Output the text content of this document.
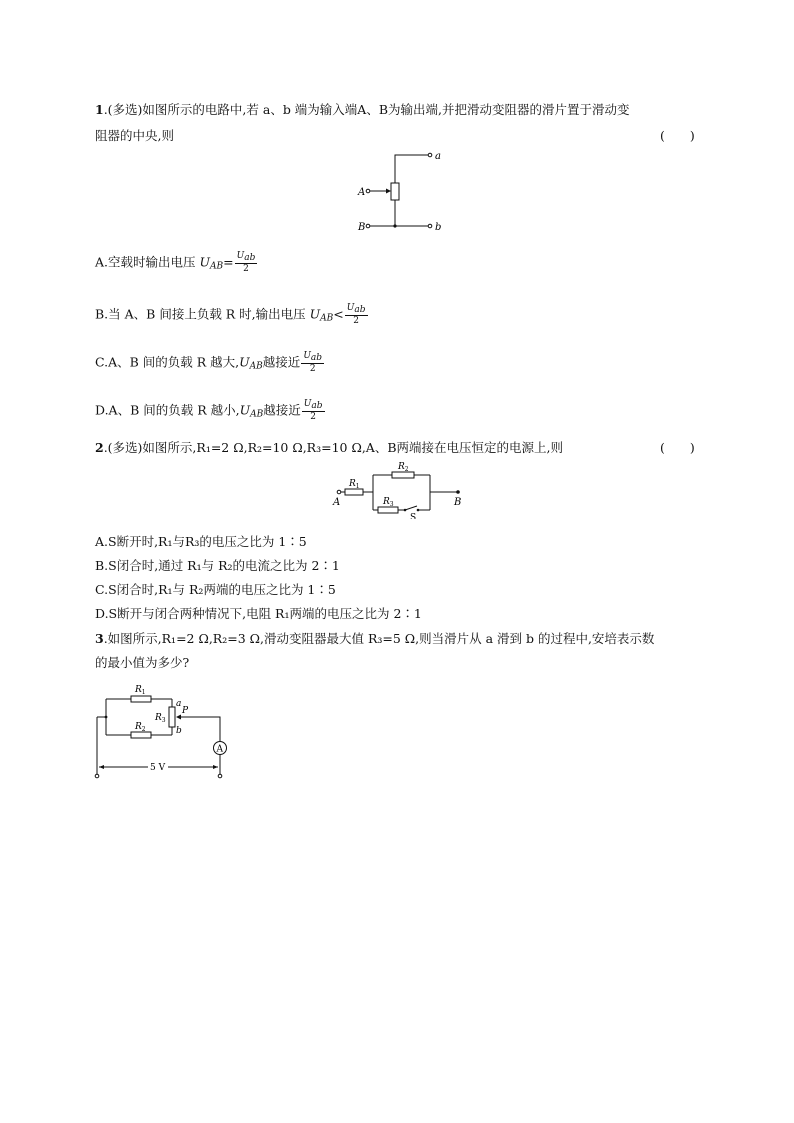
1.(多选)如图所示的电路中,若 a、b 端为输入端A、B为输出端,并把滑动变阻器的滑片置于滑动变
阻器的中央,则	(　　)
a
b
A
B
A.空载时输出电压 $U_{AB}= \frac{U_{ab}}{2}$
B.当 A、B 间接上负载 R 时,输出电压 $U_{AB}< \frac{U_{ab}}{2}$
C.A、B 间的负载 R 越大$,U_{AB}$越接近 $\frac{U_{ab}}{2}$
D.A、B 间的负载 R 越小$,U_{AB}$越接近 $\frac{U_{ab}}{2}$
2.(多选)如图所示,R₁=2 Ω,R₂=10 Ω,R₃=10 Ω,A、B两端接在电压恒定的电源上,则	(　　)
$R_1$
$R_2$
$R_3$
A	B
S
A.S断开时,R₁与R₃的电压之比为 1∶5
B.S闭合时,通过 R₁与 R₂的电流之比为 2∶1
C.S闭合时,R₁与 R₂两端的电压之比为 1∶5
D.S断开与闭合两种情况下,电阻 R₁两端的电压之比为 2∶1
3.如图所示,R₁=2 Ω,R₂=3 Ω,滑动变阻器最大值 R₃=5 Ω,则当滑片从 a 滑到 b 的过程中,安培表示数
的最小值为多少?
A
$R_1$
$R_2$
$R_3$
a
b
P
5 V
